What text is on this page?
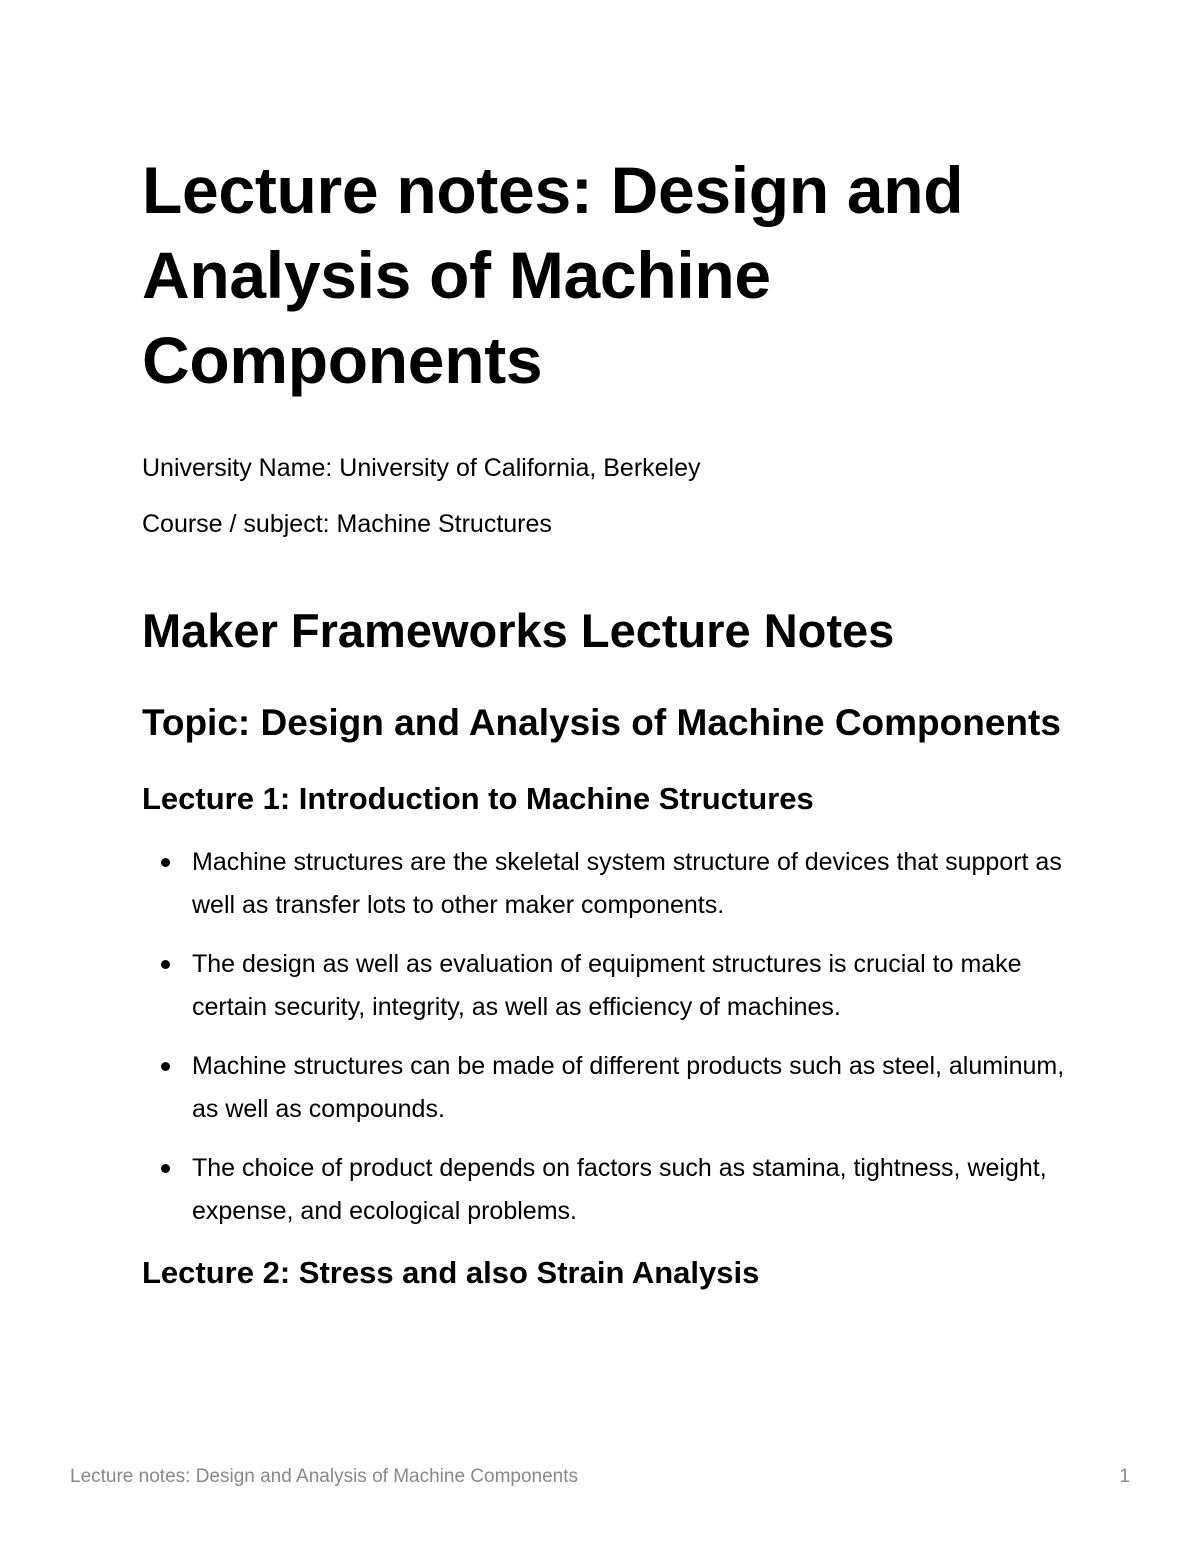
Lecture notes: Design and Analysis of Machine Components

University Name: University of California, Berkeley

Course / subject: Machine Structures

Maker Frameworks Lecture Notes
Topic: Design and Analysis of Machine Components
Lecture 1: Introduction to Machine Structures
Machine structures are the skeletal system structure of devices that support as well as transfer lots to other maker components.
The design as well as evaluation of equipment structures is crucial to make certain security, integrity, as well as efficiency of machines.
Machine structures can be made of different products such as steel, aluminum, as well as compounds.
The choice of product depends on factors such as stamina, tightness, weight, expense, and ecological problems.
Lecture 2: Stress and also Strain Analysis
Lecture notes: Design and Analysis of Machine Components	1
